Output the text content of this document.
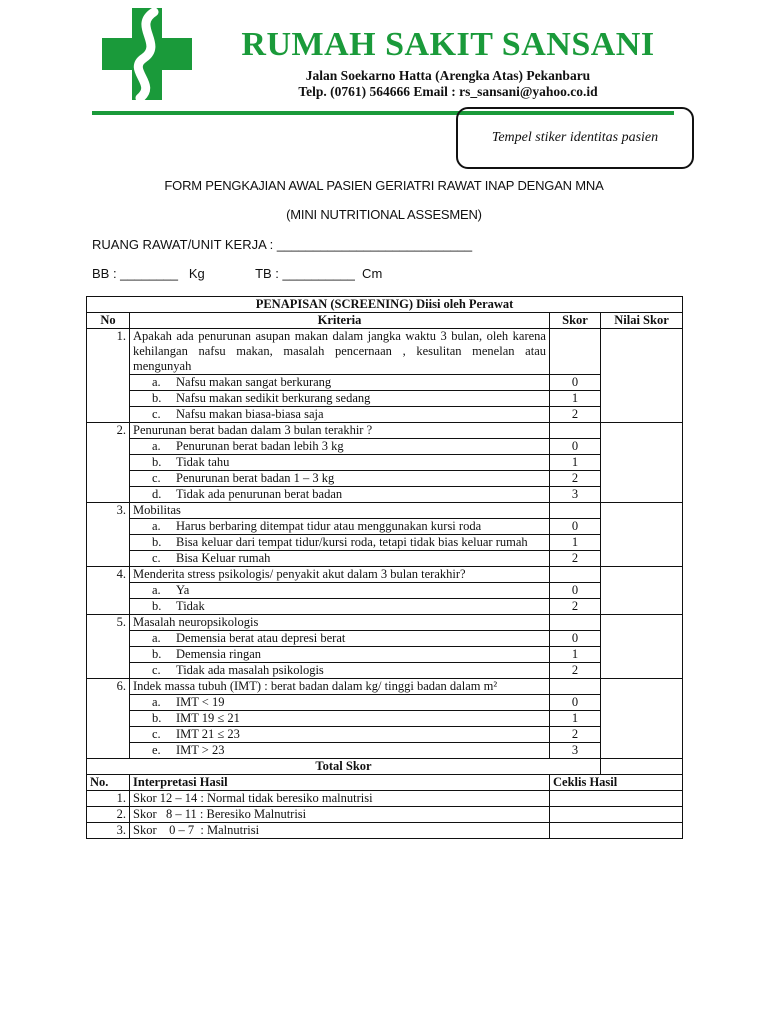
RUMAH SAKIT SANSANI
Jalan Soekarno Hatta (Arengka Atas) Pekanbaru
Telp. (0761) 564666 Email : rs_sansani@yahoo.co.id
Tempel stiker identitas pasien
FORM PENGKAJIAN AWAL PASIEN GERIATRI RAWAT INAP DENGAN MNA
(MINI NUTRITIONAL ASSESMEN)
RUANG RAWAT/UNIT KERJA : ___________________________
BB : ________   Kg              TB : __________  Cm
PENAPISAN (SCREENING) Diisi oleh Perawat			
No	Kriteria	Skor	Nilai Skor
1.	Apakah ada penurunan asupan makan dalam jangka waktu 3 bulan, oleh karena kehilangan nafsu makan, masalah pencernaan , kesulitan menelan atau mengunyah		
	a. Nafsu makan sangat berkurang	0	
	b. Nafsu makan sedikit berkurang sedang	1	
	c. Nafsu makan biasa-biasa saja	2	
2.	Penurunan berat badan dalam 3 bulan terakhir ?		
	a. Penurunan berat badan lebih 3 kg	0	
	b. Tidak tahu	1	
	c. Penurunan berat badan 1 – 3 kg	2	
	d. Tidak ada penurunan berat badan	3	
3.	Mobilitas		
	a. Harus berbaring ditempat tidur atau menggunakan kursi roda	0	
	b. Bisa keluar dari tempat tidur/kursi roda, tetapi tidak bias keluar rumah	1	
	c. Bisa Keluar rumah	2	
4.	Menderita stress psikologis/ penyakit akut dalam 3 bulan terakhir?		
	a. Ya	0	
	b. Tidak	2	
5.	Masalah neuropsikologis		
	a. Demensia berat atau depresi berat	0	
	b. Demensia ringan	1	
	c. Tidak ada masalah psikologis	2	
6.	Indek massa tubuh (IMT) : berat badan dalam kg/ tinggi badan dalam m²		
	a. IMT < 19	0	
	b. IMT 19 ≤ 21	1	
	c. IMT 21 ≤ 23	2	
	e. IMT > 23	3	
Total Skor			
No.	Interpretasi Hasil	Ceklis Hasil	
1.	Skor 12 – 14 : Normal tidak beresiko malnutrisi		
2.	Skor   8 – 11 : Beresiko Malnutrisi		
3.	Skor    0 – 7  : Malnutrisi		
